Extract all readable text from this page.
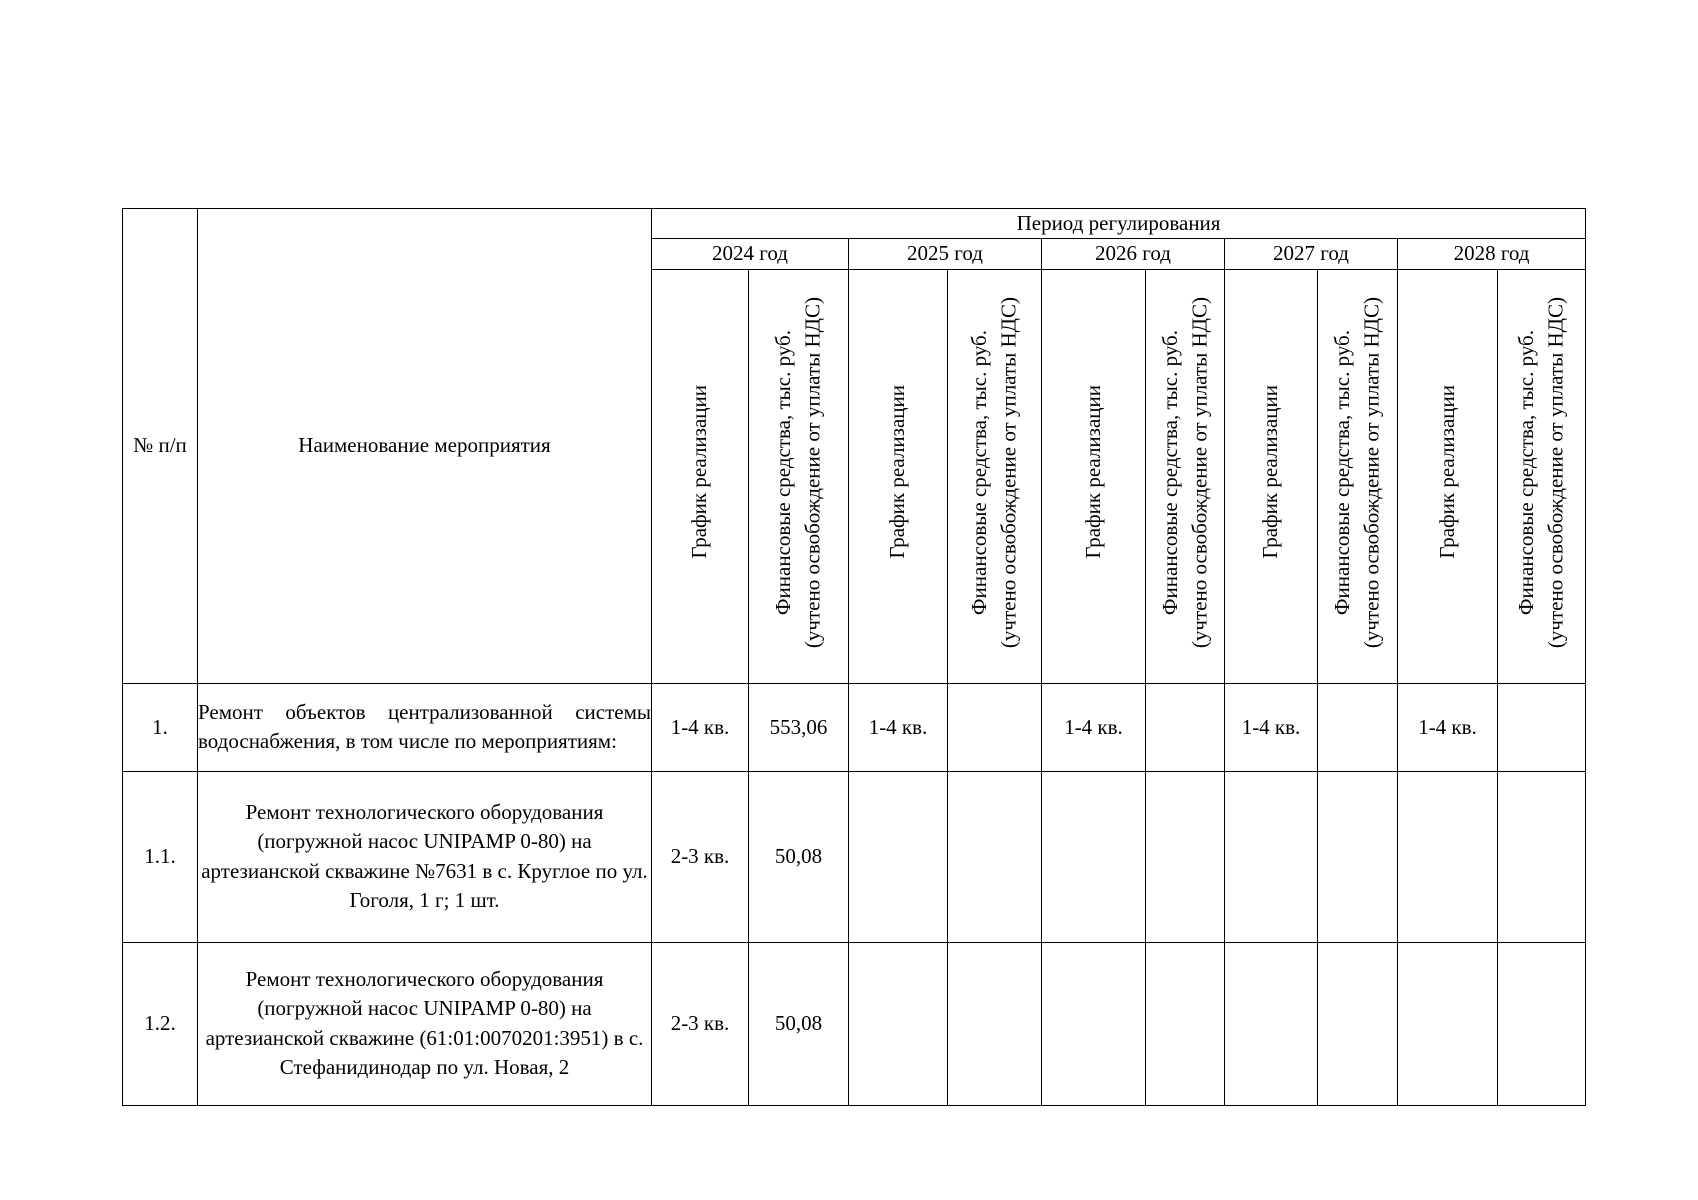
№ п/п	Наименование мероприятия	Период регулирования									
		2024 год		2025 год		2026 год		2027 год		2028 год	
		График реализации	Финансовые средства, тыс. руб. (учтено освобождение от уплаты НДС)	График реализации	Финансовые средства, тыс. руб. (учтено освобождение от уплаты НДС)	График реализации	Финансовые средства, тыс. руб. (учтено освобождение от уплаты НДС)	График реализации	Финансовые средства, тыс. руб. (учтено освобождение от уплаты НДС)	График реализации	Финансовые средства, тыс. руб. (учтено освобождение от уплаты НДС)
1.	Ремонт объектов централизованной системы водоснабжения, в том числе по мероприятиям:	1-4 кв.	553,06	1-4 кв.		1-4 кв.		1-4 кв.		1-4 кв.	
1.1.	Ремонт технологического оборудования (погружной насос UNIPAMP 0-80) на артезианской скважине №7631 в с. Круглое по ул. Гоголя, 1 г; 1 шт.	2-3 кв.	50,08								
1.2.	Ремонт технологического оборудования (погружной насос UNIPAMP 0-80) на артезианской скважине (61:01:0070201:3951) в с. Стефанидинодар по ул. Новая, 2	2-3 кв.	50,08								
